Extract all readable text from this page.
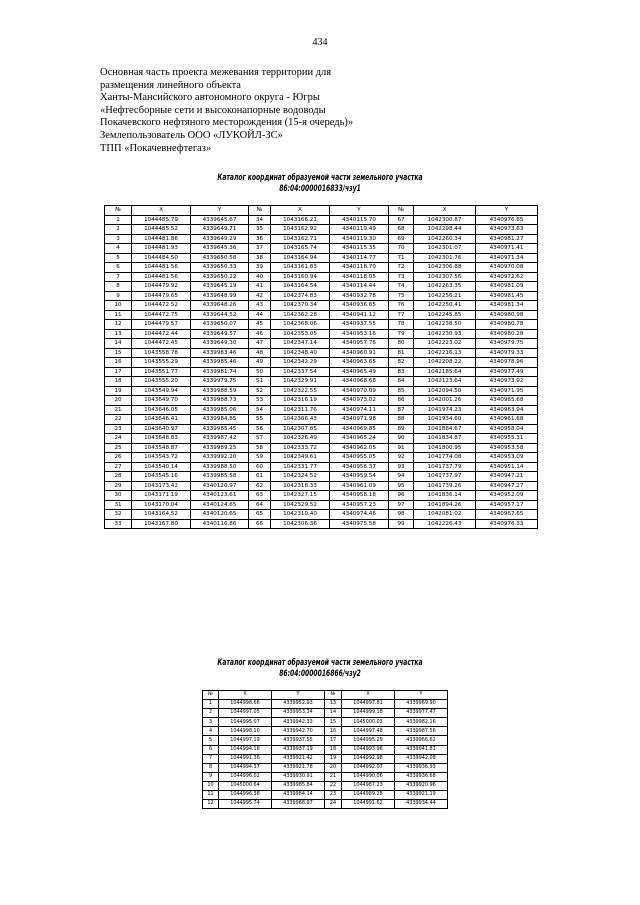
434
Основная часть проекта межевания территории для
размещения линейного объекта
Ханты-Мансийского автономного округа - Югры
«Нефтесборные сети и высоконапорные водоводы
Покачевского нефтяного месторождения (15-я очередь)»
Землепользователь ООО «ЛУКОЙЛ-ЗС»
ТПП «Покачевнефтегаз»
Каталог координат образуемой части земельного участка
86:04:0000016833/чзу1
№	X	Y	№	X	Y	№	X	Y
1	1044485.79	4339645.67	34	1043166.21	4340115.70	67	1042300.87	4340976.65
2	1044485.52	4339649.71	35	1043162.92	4340119.49	68	1042298.44	4340973.63
3	1044481.86	4339649.29	36	1043162.71	4340119.30	69	1042260.34	4340981.27
4	1044481.93	4339645.36	37	1043165.74	4340115.35	70	1042301.07	4340971.41
5	1044484.50	4339650.58	38	1043164.94	4340114.77	71	1042301.76	4340971.34
6	1044481.56	4339650.33	39	1043161.83	4340118.70	72	1042306.88	4340970.08
7	1044481.56	4339650.22	40	1043160.94	4340118.05	73	1042307.56	4340972.62
8	1044479.92	4339645.19	41	1043164.54	4340114.44	74	1042263.35	4340981.09
9	1044479.65	4339648.99	42	1042374.83	4340932.78	75	1042256.21	4340981.45
10	1044472.52	4339648.26	43	1042370.34	4340936.65	76	1042250.41	4340981.34
11	1044472.75	4339644.52	44	1042362.28	4340941.12	77	1042245.85	4340980.98
12	1044479.57	4339650.07	45	1042368.06	4340937.55	78	1042238.50	4340980.78
13	1044472.44	4339649.57	46	1042353.05	4340953.16	79	1042230.93	4340980.28
14	1044472.45	4339649.30	47	1042347.14	4340957.76	80	1042223.02	4340979.75
15	1043558.78	4339983.46	48	1042348.40	4340960.91	81	1042216.13	4340979.33
16	1043555.29	4339985.46	49	1042342.29	4340963.65	82	1042208.22	4340978.96
17	1043551.77	4339981.74	50	1042337.54	4340965.49	83	1042185.64	4340977.49
18	1043555.20	4339979.75	51	1042329.91	4340968.68	84	1042123.64	4340973.92
19	1043549.94	4339988.59	52	1042322.55	4340970.09	85	1042094.50	4340971.95
20	1043649.70	4339988.73	53	1042316.19	4340973.02	86	1042001.26	4340965.68
21	1043646.05	4339985.06	54	1042311.76	4340974.11	87	1041974.23	4340963.94
22	1043646.41	4339984.85	55	1042306.43	4340971.98	88	1041934.60	4340961.68
23	1043640.97	4339985.45	56	1042307.85	4340969.85	89	1041884.67	4340958.04
24	1043648.83	4339987.42	57	1042326.49	4340965.24	90	1041834.87	4340955.31
25	1043548.87	4339989.25	58	1042333.72	4340962.05	91	1041800.95	4340953.58
26	1043543.72	4339992.20	59	1042349.61	4340955.05	92	1041774.08	4340953.09
27	1043540.14	4339988.50	60	1042331.77	4340956.37	93	1041737.79	4340951.14
28	1043545.16	4339985.58	61	1042324.52	4340959.54	94	1041737.97	4340947.21
29	1043173.42	4340120.97	62	1042318.33	4340961.09	95	1041739.26	4340947.27
30	1043171.19	4340123.61	63	1042327.15	4340958.18	96	1041836.14	4340952.09
31	1043170.04	4340124.65	64	1042329.52	4340957.23	97	1041894.26	4340957.17
32	1043164.52	4340120.65	65	1042310.40	4340974.46	98	1042081.02	4340967.65
33	1043167.80	4340116.86	66	1042306.36	4340975.58	99	1042226.43	4340976.33
Каталог координат образуемой части земельного участка
86:04:0000016866/чзу2
№	X	Y	№	X	Y
1	1044998.66	4339952.93	13	1044997.81	4339969.90
2	1044997.05	4339953.34	14	1044999.18	4339977.47
3	1044995.07	4339942.33	15	1045000.03	4339982.16
4	1044998.10	4339942.70	16	1044997.48	4339987.56
5	1044997.19	4339937.55	17	1044995.29	4339966.62
6	1044994.16	4339937.19	18	1044993.96	4339941.83
7	1044991.36	4339921.42	19	1044992.98	4339942.08
8	1044994.37	4339921.78	20	1044992.07	4339936.93
9	1044996.02	4339930.91	21	1044990.06	4339936.68
10	1045000.64	4339985.84	22	1044987.23	4339920.96
11	1044996.38	4339984.14	23	1044989.28	4339921.19
12	1044995.74	4339968.97	24	1044991.62	4339934.44
